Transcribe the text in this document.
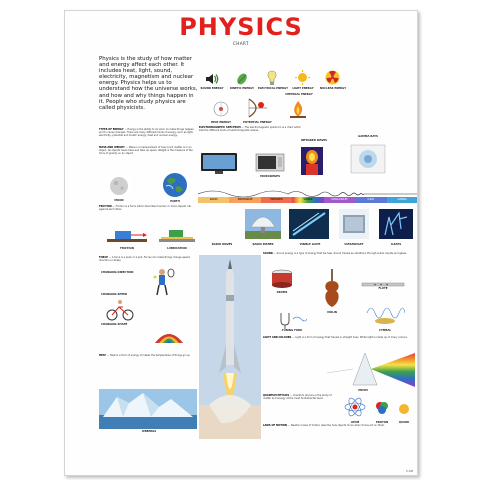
PHYSICS
CHART
Physics is the study of how matter and energy affect each other. It includes heat, light, sound, electricity, magnetism and nuclear energy. Physics helps us to understand how the universe works, and how and why things happen in it. People who study physics are called physicists.
SOUND ENERGY	KINETIC ENERGY	ELECTRICAL ENERGY	LIGHT ENERGY	NUCLEAR ENERGY
HEAT ENERGY	POTENTIAL ENERGY
CHEMICAL ENERGY
TYPES OF ENERGY — Energy is the ability to do work, to make things happen and to cause changes. There are many different kinds of energy, such as light, electricity, potential and kinetic energy, heat and nuclear energy.
MASS AND WEIGHT — Mass is a measurement of how much matter is in an object. All objects have mass and take up space. Weight is the measure of the force of gravity on an object.
MOON	EARTH
FRICTION — Friction is a force which describes how two or more objects rub against each other.
FRICTION	LUBRICATION
FORCE — A force is a push or a pull. Forces can make things change speed, direction or shape.
CHANGING DIRECTION
CHANGING SPEED
CHANGING SHAPE
HEAT — Heat is a form of energy. It makes the temperature of things go up.
ICEBERGS
ELECTROMAGNETIC SPECTRUM — The electromagnetic spectrum is a chart which lists the different kinds of electromagnetic waves.
MICROWAVES
INFRARED WAVES
GAMMA RAYS
RADIO	MICROWAVE	INFRARED	VISIBLE	ULTRA-VIOLET	X-RAY	GAMMA
RADIO WAVES	RADIO DISHES	VISIBLE LIGHT	ULTRAVIOLET	X-RAYS
SOUND — Sound energy is a type of energy that we hear. Sound travels as vibrations through solids, liquids and gases.
DRUMS
VIOLIN
FLUTE
TUNING FORK	CYMBAL
LIGHT AND COLOURS — Light is a form of energy that travels in straight lines. White light is made up of many colours.
PRISM
QUANTUM PHYSICS — Quantum physics is the study of matter and energy at the most fundamental level.
ATOM	PROTON	QUARK
LAWS OF MOTION — Newton's laws of motion describe how objects move when forces act on them.
P-108
